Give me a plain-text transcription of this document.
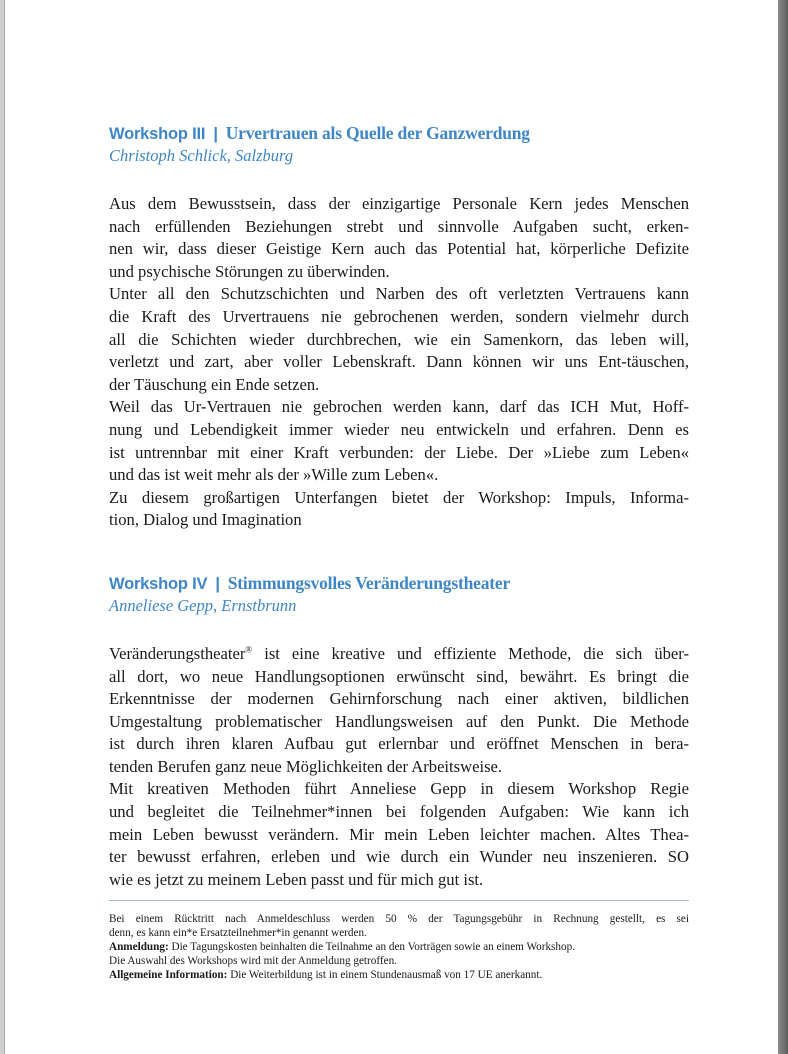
Workshop III | Urvertrauen als Quelle der Ganzwerdung
Christoph Schlick, Salzburg

Aus dem Bewusstsein, dass der einzigartige Personale Kern jedes Menschen

nach erfüllenden Beziehungen strebt und sinnvolle Aufgaben sucht, erken-

nen wir, dass dieser Geistige Kern auch das Potential hat, körperliche Defizite

und psychische Störungen zu überwinden.

Unter all den Schutzschichten und Narben des oft verletzten Vertrauens kann

die Kraft des Urvertrauens nie gebrochenen werden, sondern vielmehr durch

all die Schichten wieder durchbrechen, wie ein Samenkorn, das leben will,

verletzt und zart, aber voller Lebenskraft. Dann können wir uns Ent-täuschen,

der Täuschung ein Ende setzen.

Weil das Ur-Vertrauen nie gebrochen werden kann, darf das ICH Mut, Hoff-

nung und Lebendigkeit immer wieder neu entwickeln und erfahren. Denn es

ist untrennbar mit einer Kraft verbunden: der Liebe. Der »Liebe zum Leben«

und das ist weit mehr als der »Wille zum Leben«.

Zu diesem großartigen Unterfangen bietet der Workshop: Impuls, Informa-

tion, Dialog und Imagination

Workshop IV | Stimmungsvolles Veränderungstheater
Anneliese Gepp, Ernstbrunn

Veränderungstheater® ist eine kreative und effiziente Methode, die sich über-

all dort, wo neue Handlungsoptionen erwünscht sind, bewährt. Es bringt die

Erkenntnisse der modernen Gehirnforschung nach einer aktiven, bildlichen

Umgestaltung problematischer Handlungsweisen auf den Punkt. Die Methode

ist durch ihren klaren Aufbau gut erlernbar und eröffnet Menschen in bera-

tenden Berufen ganz neue Möglichkeiten der Arbeitsweise.

Mit kreativen Methoden führt Anneliese Gepp in diesem Workshop Regie

und begleitet die Teilnehmer*innen bei folgenden Aufgaben: Wie kann ich

mein Leben bewusst verändern. Mir mein Leben leichter machen. Altes Thea-

ter bewusst erfahren, erleben und wie durch ein Wunder neu inszenieren. SO

wie es jetzt zu meinem Leben passt und für mich gut ist.

Bei einem Rücktritt nach Anmeldeschluss werden 50 % der Tagungsgebühr in Rechnung gestellt, es sei

denn, es kann ein*e Ersatzteilnehmer*in genannt werden.

Anmeldung: Die Tagungskosten beinhalten die Teilnahme an den Vorträgen sowie an einem Workshop.

Die Auswahl des Workshops wird mit der Anmeldung getroffen.

Allgemeine Information: Die Weiterbildung ist in einem Stundenausmaß von 17 UE anerkannt.
